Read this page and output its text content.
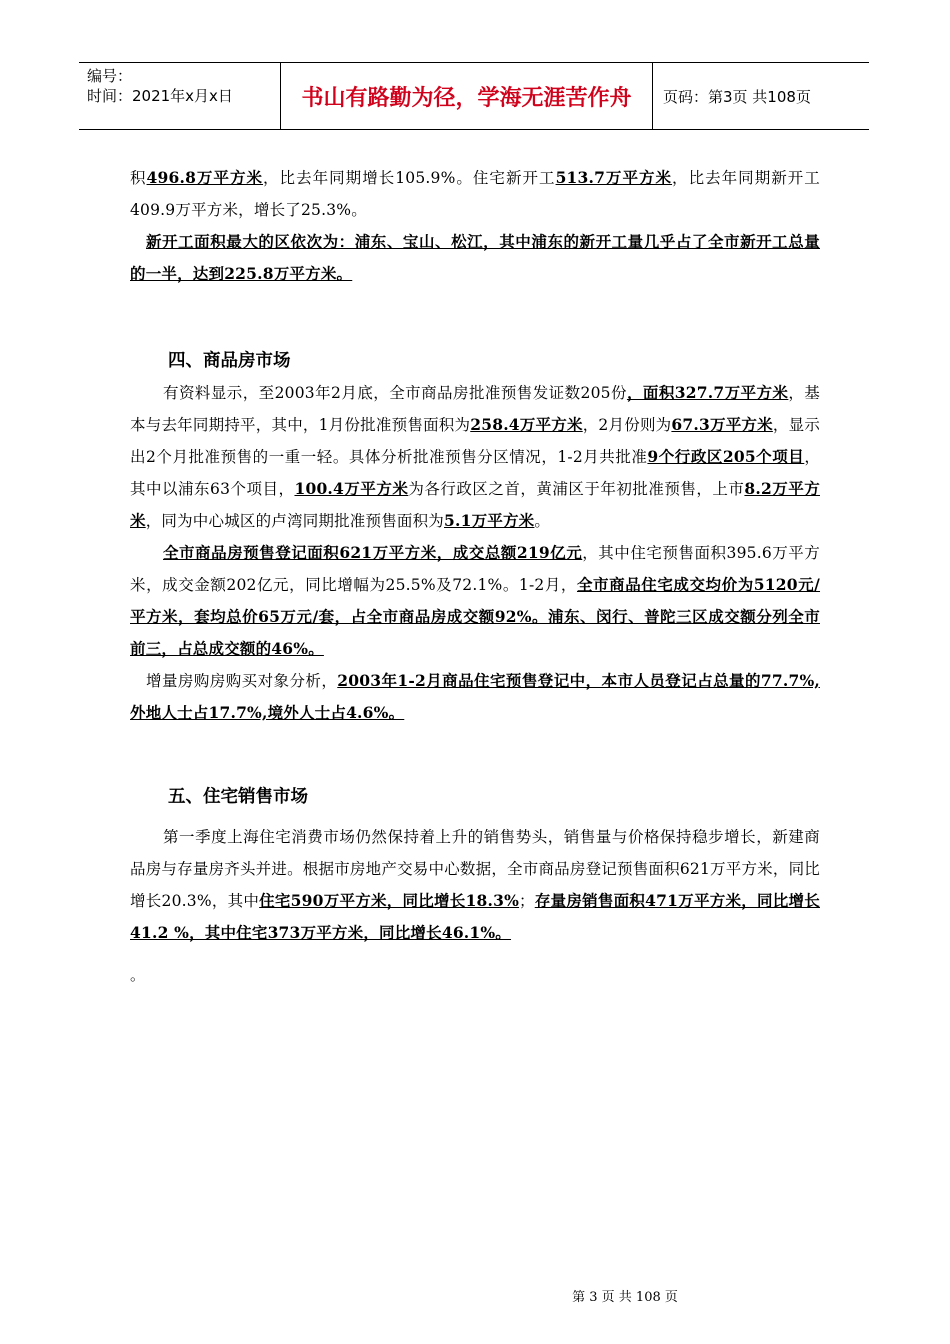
编号：
时间：2021年x月x日	书山有路勤为径，学海无涯苦作舟	页码：第3页 共108页

积496.8万平方米，比去年同期增长105.9%。住宅新开工513.7万平方米，比去年同期新开工409.9万平方米，增长了25.3%。

新开工面积最大的区依次为：浦东、宝山、松江，其中浦东的新开工量几乎占了全市新开工总量的一半，达到225.8万平方米。

四、商品房市场

有资料显示，至2003年2月底，全市商品房批准预售发证数205份，面积327.7万平方米，基本与去年同期持平，其中，1月份批准预售面积为258.4万平方米，2月份则为67.3万平方米，显示出2个月批准预售的一重一轻。具体分析批准预售分区情况，1-2月共批准9个行政区205个项目，其中以浦东63个项目，100.4万平方米为各行政区之首，黄浦区于年初批准预售，上市8.2万平方米，同为中心城区的卢湾同期批准预售面积为5.1万平方米。

全市商品房预售登记面积621万平方米，成交总额219亿元，其中住宅预售面积395.6万平方米，成交金额202亿元，同比增幅为25.5%及72.1%。1-2月，全市商品住宅成交均价为5120元/平方米，套均总价65万元/套，占全市商品房成交额92%。浦东、闵行、普陀三区成交额分列全市前三，占总成交额的46%。

增量房购房购买对象分析，2003年1-2月商品住宅预售登记中，本市人员登记占总量的77.7%,外地人士占17.7%,境外人士占4.6%。

五、住宅销售市场

第一季度上海住宅消费市场仍然保持着上升的销售势头，销售量与价格保持稳步增长，新建商品房与存量房齐头并进。根据市房地产交易中心数据，全市商品房登记预售面积621万平方米，同比增长20.3%，其中住宅590万平方米，同比增长18.3%；存量房销售面积471万平方米，同比增长41.2 %，其中住宅373万平方米，同比增长46.1%。

。

第 3 页 共 108 页
